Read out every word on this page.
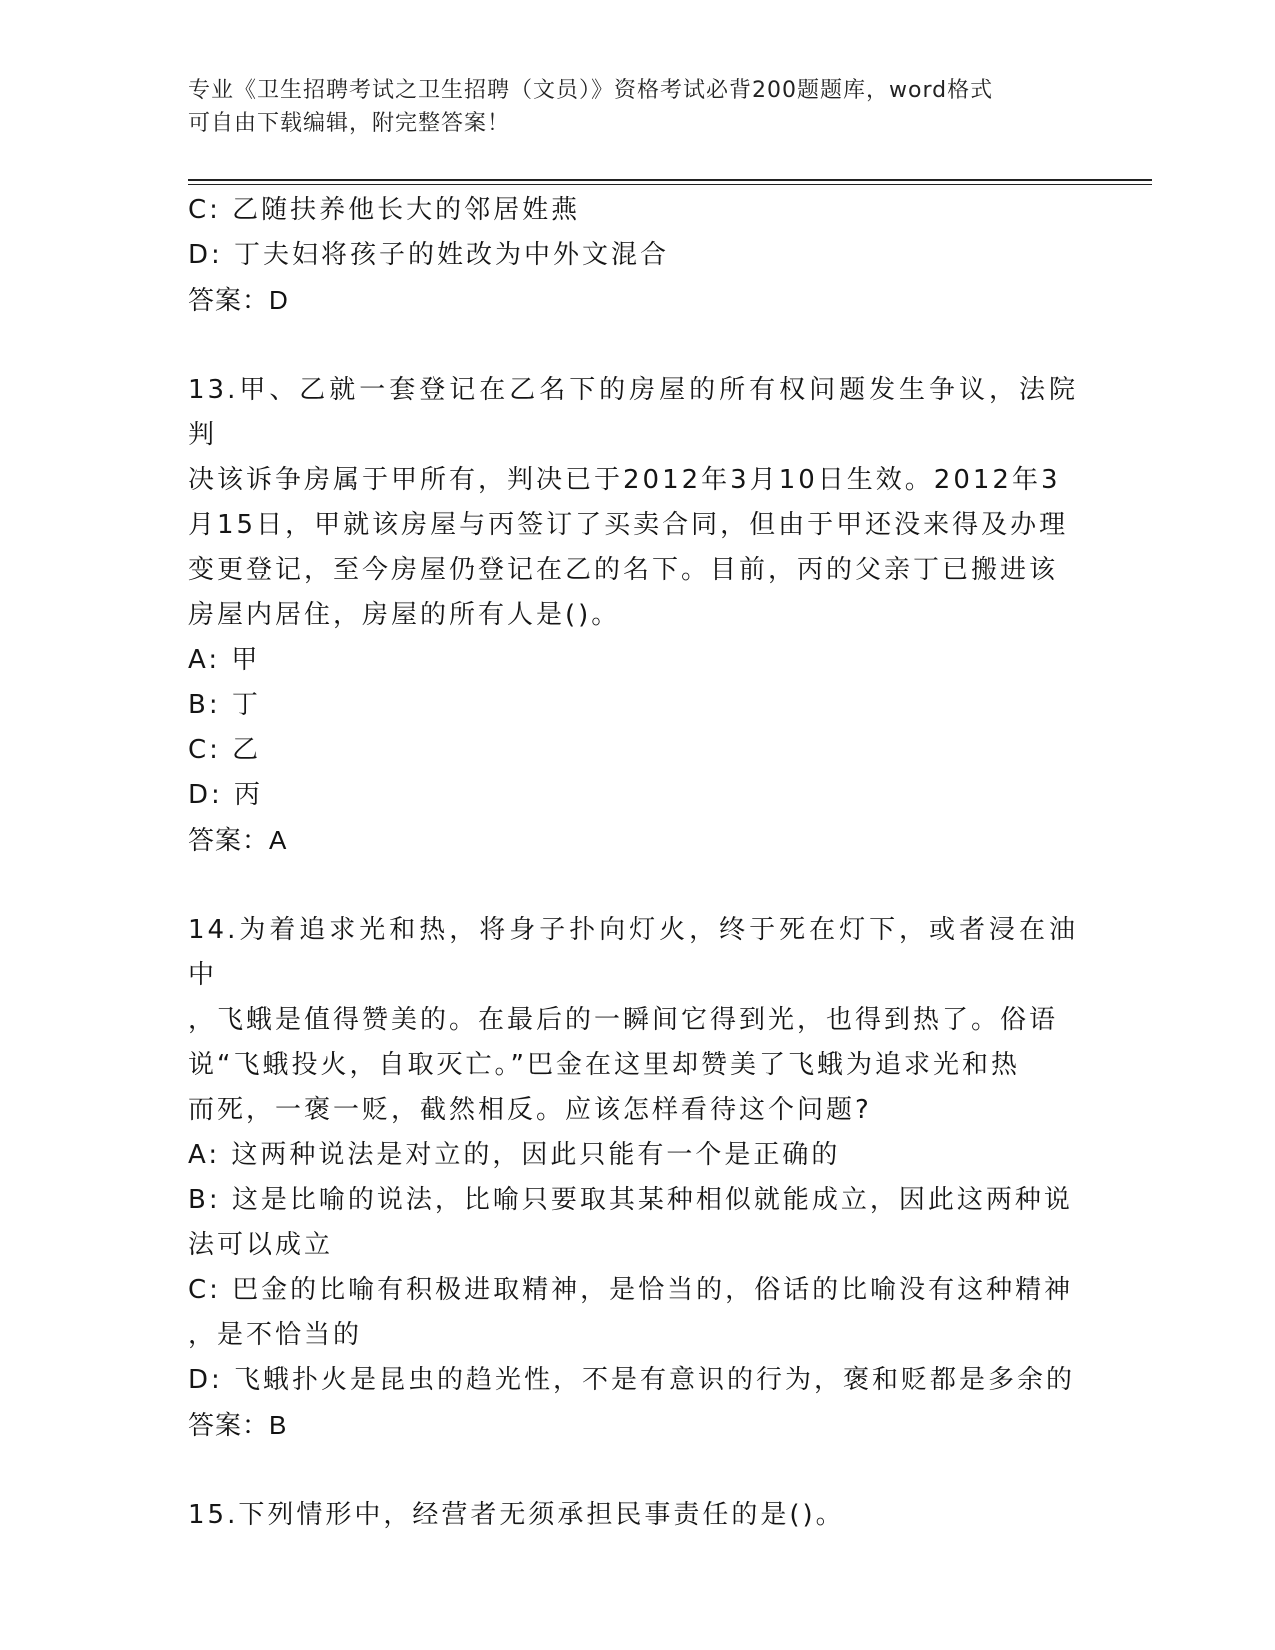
专业《卫生招聘考试之卫生招聘（文员）》资格考试必背200题题库，word格式
可自由下载编辑，附完整答案！
C: 乙随扶养他长大的邻居姓燕
D: 丁夫妇将孩子的姓改为中外文混合
答案：D
13.甲、乙就一套登记在乙名下的房屋的所有权问题发生争议，法院判
决该诉争房属于甲所有，判决已于2012年3月10日生效。2012年3
月15日，甲就该房屋与丙签订了买卖合同，但由于甲还没来得及办理
变更登记，至今房屋仍登记在乙的名下。目前，丙的父亲丁已搬进该
房屋内居住，房屋的所有人是()。
A: 甲
B: 丁
C: 乙
D: 丙
答案：A
14.为着追求光和热，将身子扑向灯火，终于死在灯下，或者浸在油中
，飞蛾是值得赞美的。在最后的一瞬间它得到光，也得到热了。俗语
说“飞蛾投火，自取灭亡。”巴金在这里却赞美了飞蛾为追求光和热
而死，一褒一贬，截然相反。应该怎样看待这个问题?
A: 这两种说法是对立的，因此只能有一个是正确的
B: 这是比喻的说法，比喻只要取其某种相似就能成立，因此这两种说
法可以成立
C: 巴金的比喻有积极进取精神，是恰当的，俗话的比喻没有这种精神
，是不恰当的
D: 飞蛾扑火是昆虫的趋光性，不是有意识的行为，褒和贬都是多余的
答案：B
15.下列情形中，经营者无须承担民事责任的是()。
